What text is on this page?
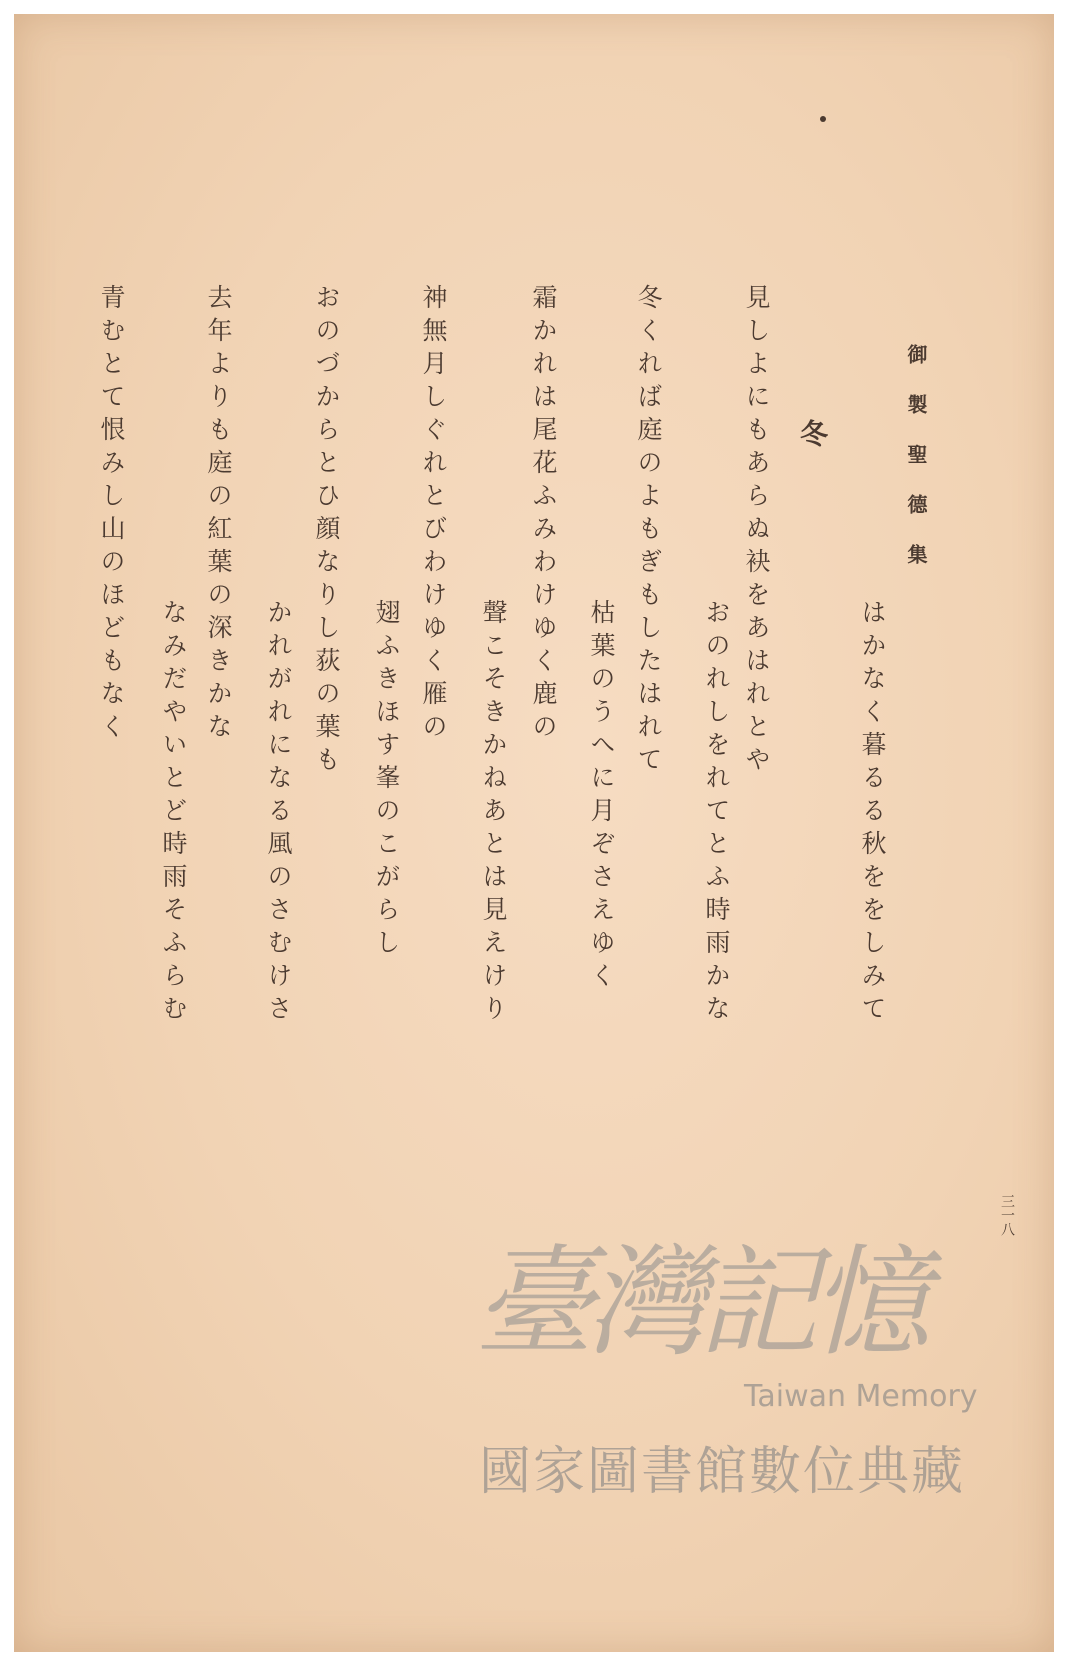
御製聖德集
はかなく暮るる秋ををしみて
冬
見しよにもあらぬ袂をあはれとや
おのれしをれてとふ時雨かな
冬くれば庭のよもぎもしたはれて
枯葉のうへに月ぞさえゆく
霜かれは尾花ふみわけゆく鹿の
聲こそきかねあとは見えけり
神無月しぐれとびわけゆく雁の
翅ふきほす峯のこがらし
おのづからとひ顔なりし荻の葉も
かれがれになる風のさむけさ
去年よりも庭の紅葉の深きかな
なみだやいとど時雨そふらむ
青むとて恨みし山のほどもなく
三一八
臺灣記憶
Taiwan Memory
國家圖書館數位典藏
